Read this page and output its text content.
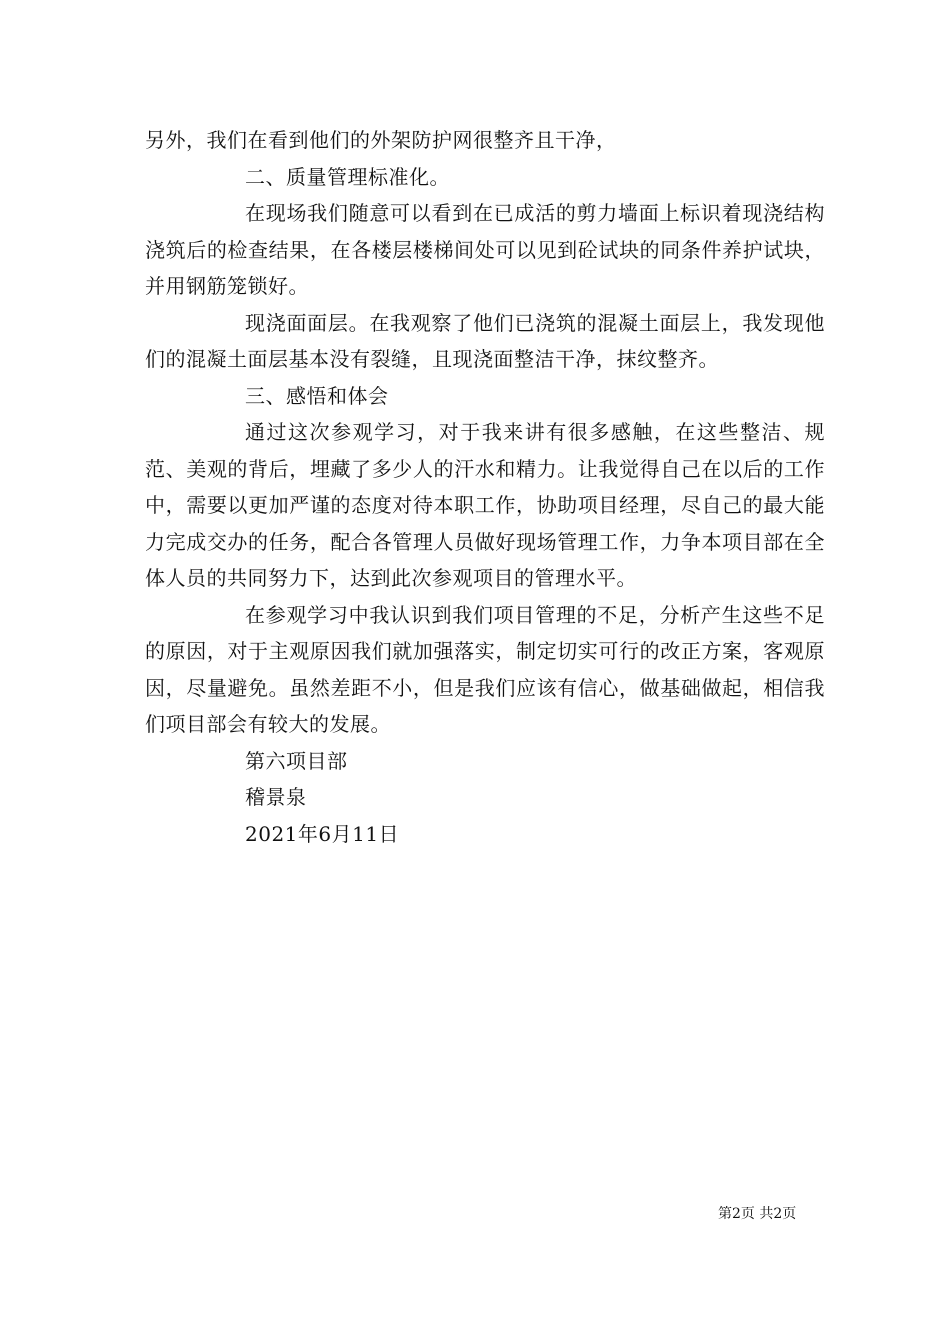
另外，我们在看到他们的外架防护网很整齐且干净，

二、质量管理标准化。

在现场我们随意可以看到在已成活的剪力墙面上标识着现浇结构浇筑后的检查结果，在各楼层楼梯间处可以见到砼试块的同条件养护试块，并用钢筋笼锁好。

现浇面面层。在我观察了他们已浇筑的混凝土面层上，我发现他们的混凝土面层基本没有裂缝，且现浇面整洁干净，抹纹整齐。

三、感悟和体会

通过这次参观学习，对于我来讲有很多感触，在这些整洁、规范、美观的背后，埋藏了多少人的汗水和精力。让我觉得自己在以后的工作中，需要以更加严谨的态度对待本职工作，协助项目经理，尽自己的最大能力完成交办的任务，配合各管理人员做好现场管理工作，力争本项目部在全体人员的共同努力下，达到此次参观项目的管理水平。

在参观学习中我认识到我们项目管理的不足，分析产生这些不足的原因，对于主观原因我们就加强落实，制定切实可行的改正方案，客观原因，尽量避免。虽然差距不小，但是我们应该有信心，做基础做起，相信我们项目部会有较大的发展。

第六项目部

稽景泉

2021年6月11日

第2页 共2页
